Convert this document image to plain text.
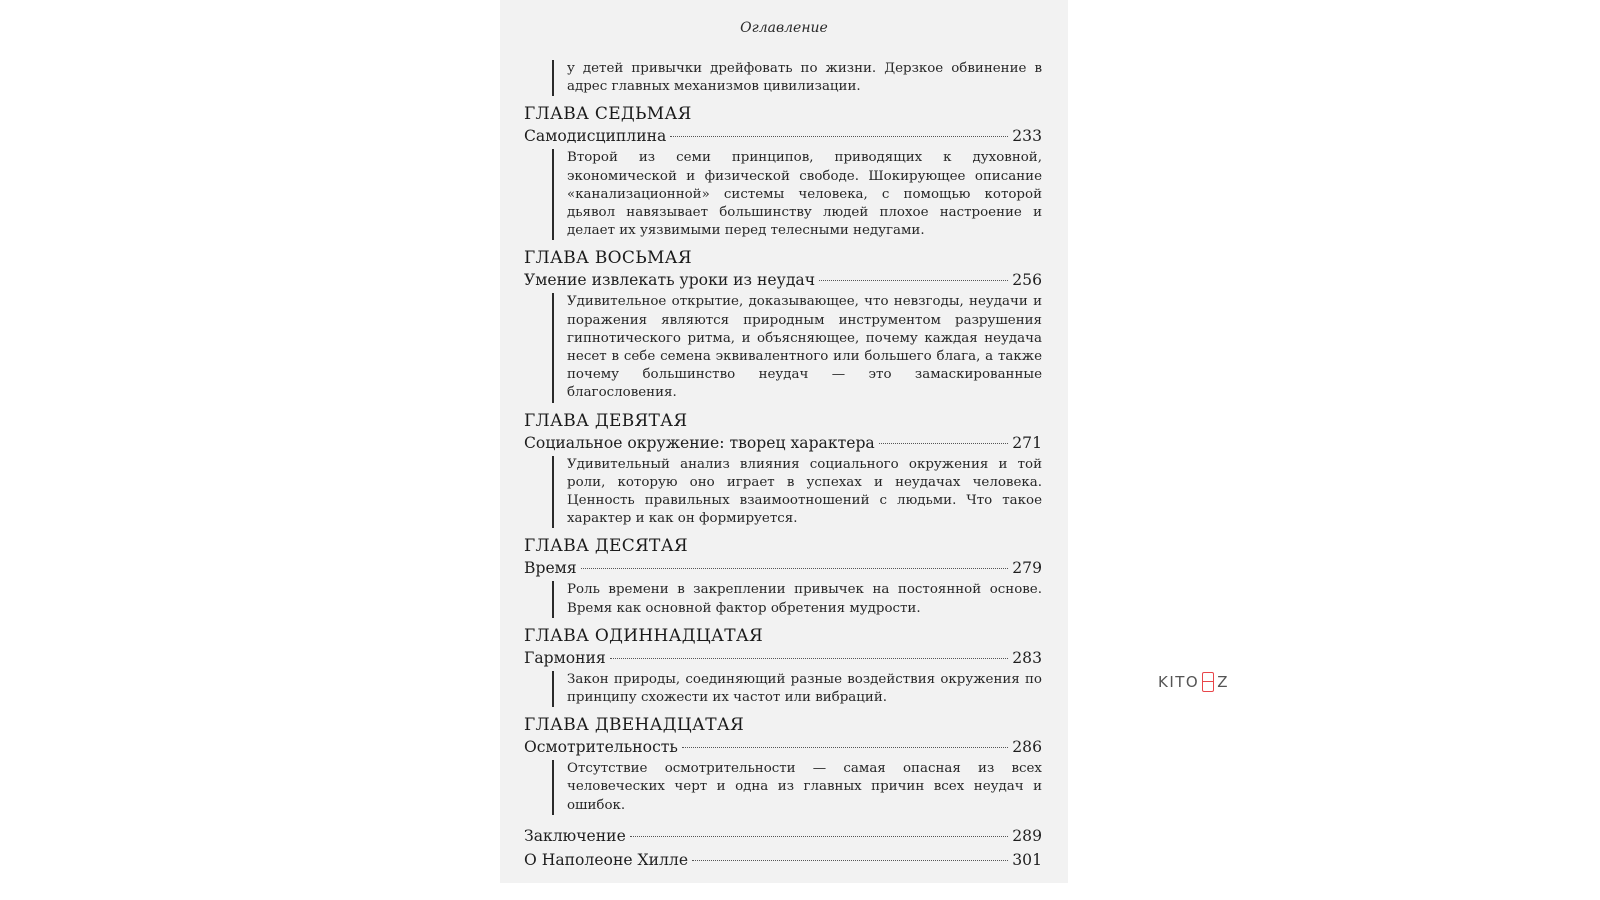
Оглавление
у детей привычки дрейфовать по жизни. Дерзкое обвинение в адрес главных механизмов цивилизации.
ГЛАВА СЕДЬМАЯ
Самодисциплина	233
Второй из семи принципов, приводящих к духовной, экономической и физической свободе. Шокирующее описание «канализационной» системы человека, с помощью которой дьявол навязывает большинству людей плохое настроение и делает их уязвимыми перед телесными недугами.
ГЛАВА ВОСЬМАЯ
Умение извлекать уроки из неудач	256
Удивительное открытие, доказывающее, что невзгоды, неудачи и поражения являются природным инструментом разрушения гипнотического ритма, и объясняющее, почему каждая неудача несет в себе семена эквивалентного или большего блага, а также почему большинство неудач — это замаскированные благословения.
ГЛАВА ДЕВЯТАЯ
Социальное окружение: творец характера	271
Удивительный анализ влияния социального окружения и той роли, которую оно играет в успехах и неудачах человека. Ценность правильных взаимоотношений с людьми. Что такое характер и как он формируется.
ГЛАВА ДЕСЯТАЯ
Время	279
Роль времени в закреплении привычек на постоянной основе. Время как основной фактор обретения мудрости.
ГЛАВА ОДИННАДЦАТАЯ
Гармония	283
Закон природы, соединяющий разные воздействия окружения по принципу схожести их частот или вибраций.
ГЛАВА ДВЕНАДЦАТАЯ
Осмотрительность	286
Отсутствие осмотрительности — самая опасная из всех человеческих черт и одна из главных причин всех неудач и ошибок.
Заключение	289
О Наполеоне Хилле	301
KITO Z
